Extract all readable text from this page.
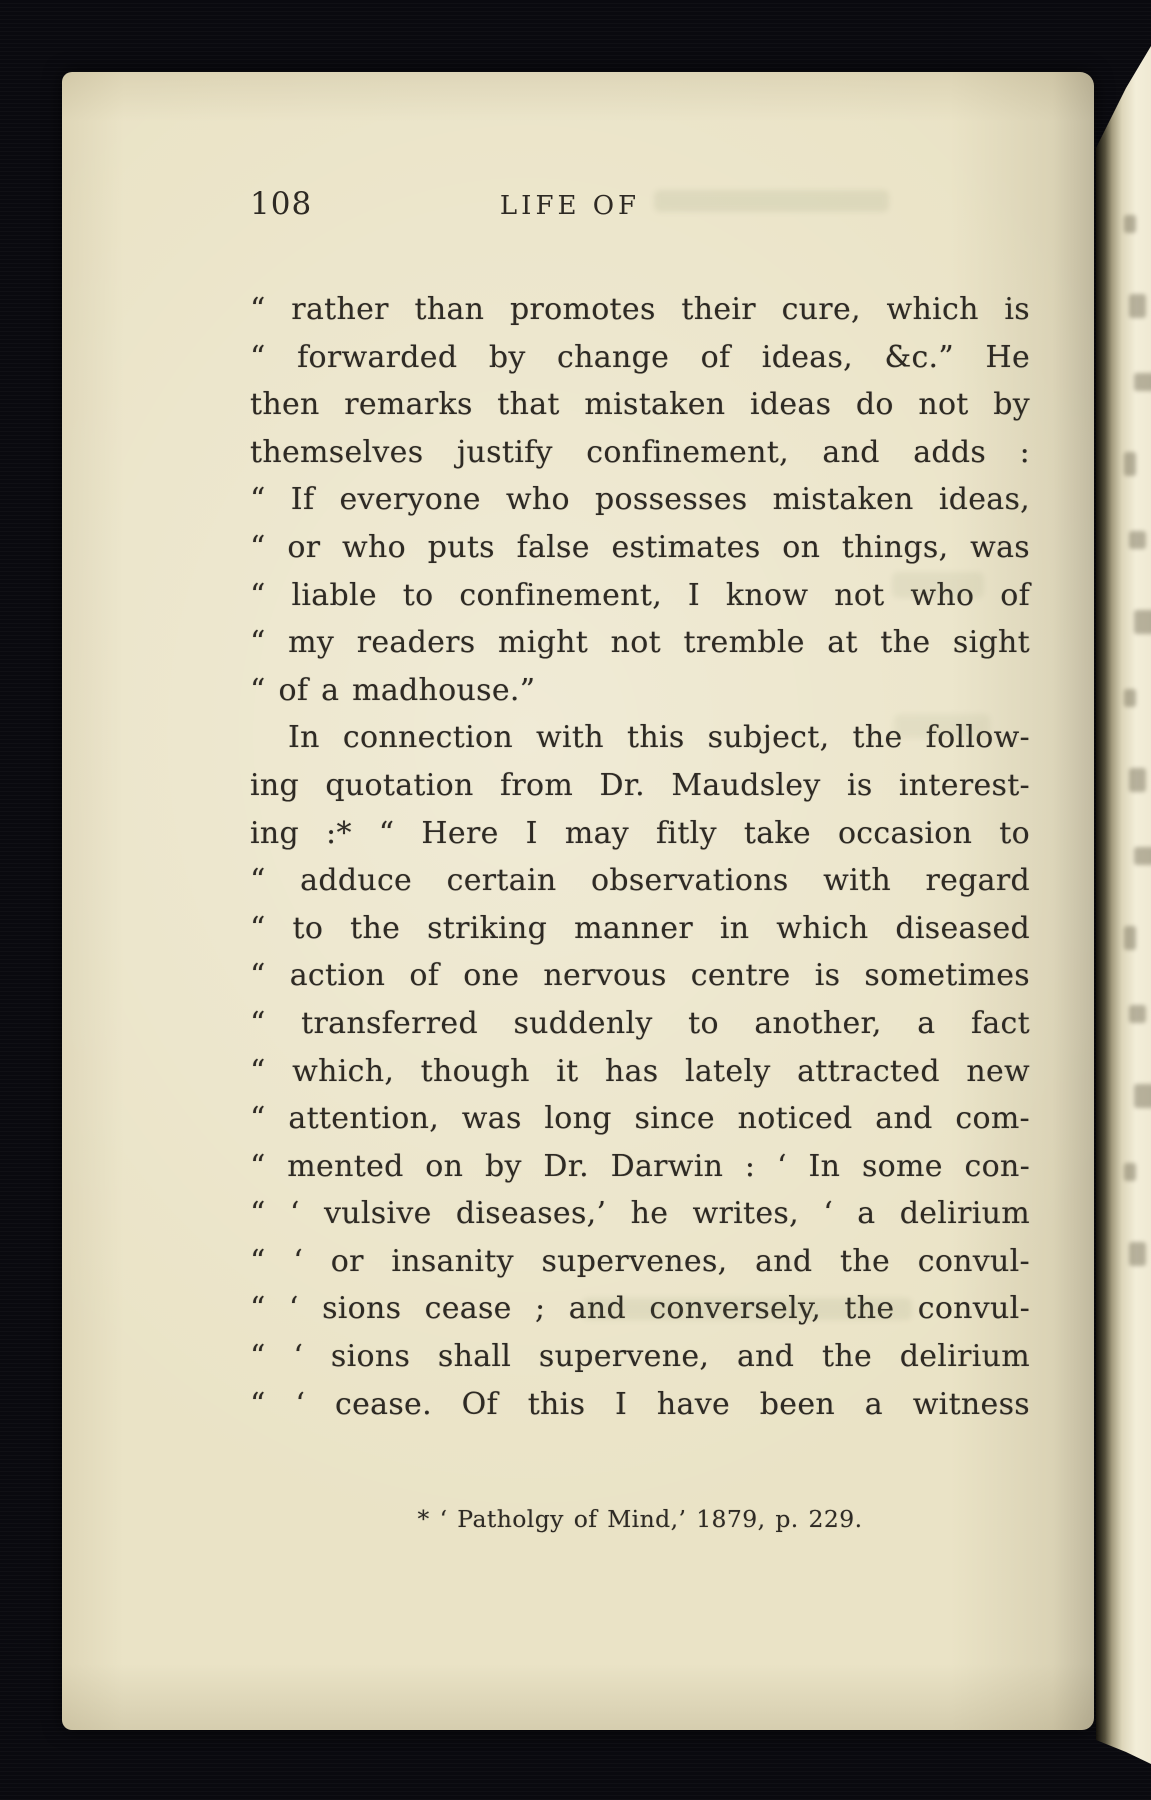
108	LIFE OF
“ rather than promotes their cure, which is
“ forwarded by change of ideas, &c.” He
then remarks that mistaken ideas do not by
themselves justify confinement, and adds :
“ If everyone who possesses mistaken ideas,
“ or who puts false estimates on things, was
“ liable to confinement, I know not who of
“ my readers might not tremble at the sight
“ of a madhouse.”
In connection with this subject, the follow-
ing quotation from Dr. Maudsley is interest-
ing :* “ Here I may fitly take occasion to
“ adduce certain observations with regard
“ to the striking manner in which diseased
“ action of one nervous centre is sometimes
“ transferred suddenly to another, a fact
“ which, though it has lately attracted new
“ attention, was long since noticed and com-
“ mented on by Dr. Darwin : ‘ In some con-
“ ‘ vulsive diseases,’ he writes, ‘ a delirium
“ ‘ or insanity supervenes, and the convul-
“ ‘ sions cease ; and conversely, the convul-
“ ‘ sions shall supervene, and the delirium
“ ‘ cease. Of this I have been a witness
* ‘ Patholgy of Mind,’ 1879, p. 229.
